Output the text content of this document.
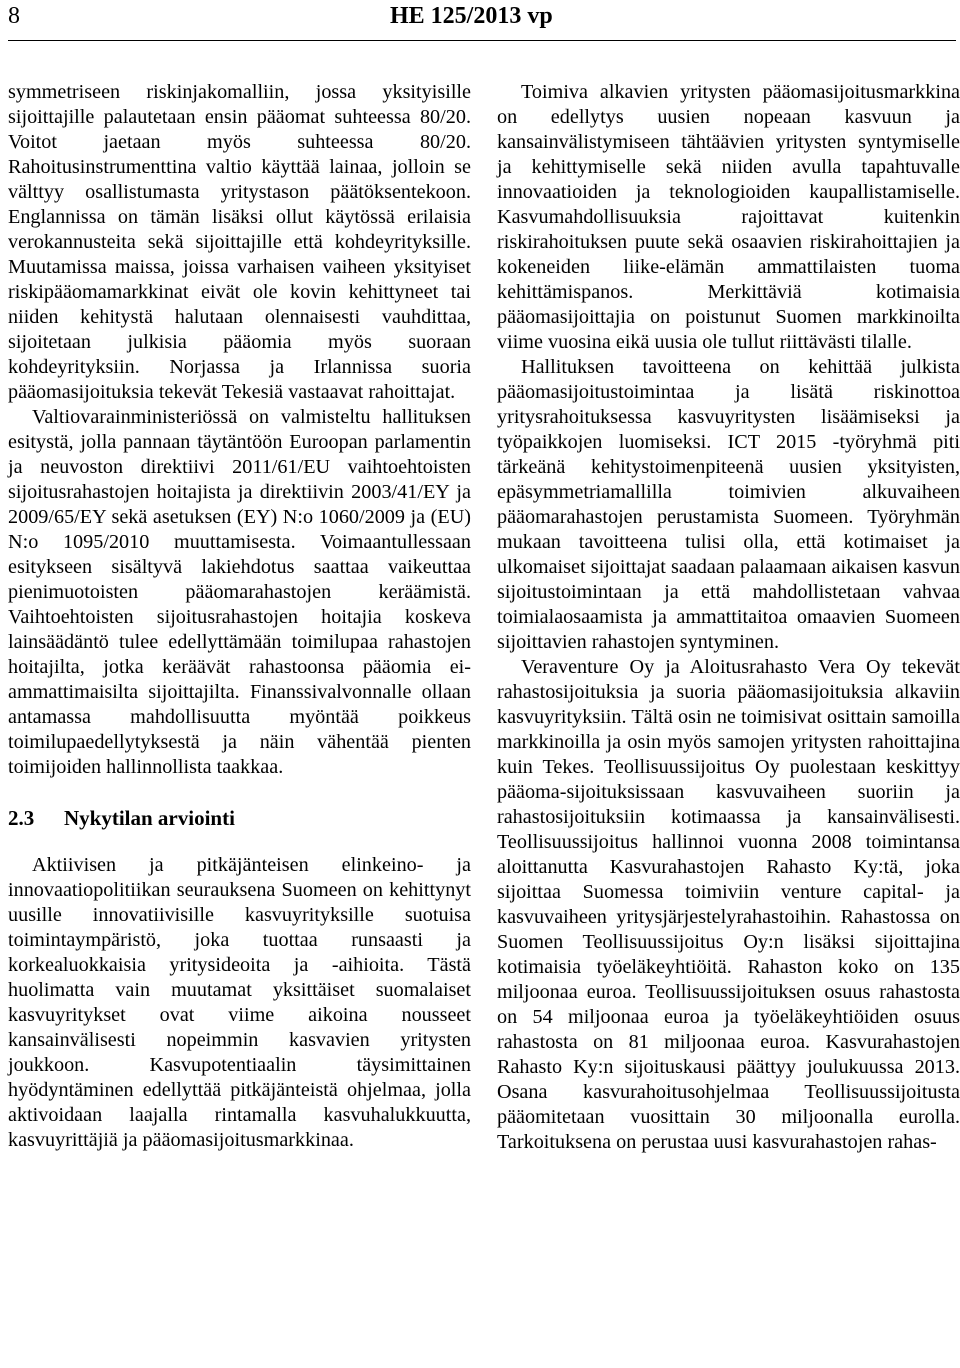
8	HE 125/2013 vp

symmetriseen riskinjakomalliin, jossa yksityisille sijoittajille palautetaan ensin pääomat suhteessa 80/20. Voitot jaetaan myös suhteessa 80/20. Rahoitusinstrumenttina valtio käyttää lainaa, jolloin se välttyy osallistumasta yritystason päätöksentekoon. Englannissa on tämän lisäksi ollut käytössä erilaisia verokannusteita sekä sijoittajille että kohdeyrityksille. Muutamissa maissa, joissa varhaisen vaiheen yksityiset riskipääomamarkkinat eivät ole kovin kehittyneet tai niiden kehitystä halutaan olennaisesti vauhdittaa, sijoitetaan julkisia pääomia myös suoraan kohdeyrityksiin. Norjassa ja Irlannissa suoria pääomasijoituksia tekevät Tekesiä vastaavat rahoittajat.

Valtiovarainministeriössä on valmisteltu hallituksen esitystä, jolla pannaan täytäntöön Euroopan parlamentin ja neuvoston direktiivi 2011/61/EU vaihtoehtoisten sijoitusrahastojen hoitajista ja direktiivin 2003/41/EY ja 2009/65/EY sekä asetuksen (EY) N:o 1060/2009 ja (EU) N:o 1095/2010 muuttamisesta. Voimaantullessaan esitykseen sisältyvä lakiehdotus saattaa vaikeuttaa pienimuotoisten pääomarahastojen keräämistä. Vaihtoehtoisten sijoitusrahastojen hoitajia koskeva lainsäädäntö tulee edellyttämään toimilupaa rahastojen hoitajilta, jotka keräävät rahastoonsa pääomia ei-ammattimaisilta sijoittajilta. Finanssivalvonnalle ollaan antamassa mahdollisuutta myöntää poikkeus toimilupaedellytyksestä ja näin vähentää pienten toimijoiden hallinnollista taakkaa.

2.3	Nykytilan arviointi

Aktiivisen ja pitkäjänteisen elinkeino- ja innovaatiopolitiikan seurauksena Suomeen on kehittynyt uusille innovatiivisille kasvuyrityksille suotuisa toimintaympäristö, joka tuottaa runsaasti ja korkealuokkaisia yritysideoita ja -aihioita. Tästä huolimatta vain muutamat yksittäiset suomalaiset kasvuyritykset ovat viime aikoina nousseet kansainvälisesti nopeimmin kasvavien yritysten joukkoon. Kasvupotentiaalin täysimittainen hyödyntäminen edellyttää pitkäjänteistä ohjelmaa, jolla aktivoidaan laajalla rintamalla kasvuhalukkuutta, kasvuyrittäjiä ja pääomasijoitusmarkkinaa.

Toimiva alkavien yritysten pääomasijoitusmarkkina on edellytys uusien nopeaan kasvuun ja kansainvälistymiseen tähtäävien yritysten syntymiselle ja kehittymiselle sekä niiden avulla tapahtuvalle innovaatioiden ja teknologioiden kaupallistamiselle. Kasvumahdollisuuksia rajoittavat kuitenkin riskirahoituksen puute sekä osaavien riskirahoittajien ja kokeneiden liike-elämän ammattilaisten tuoma kehittämispanos. Merkittäviä kotimaisia pääomasijoittajia on poistunut Suomen markkinoilta viime vuosina eikä uusia ole tullut riittävästi tilalle.

Hallituksen tavoitteena on kehittää julkista pääomasijoitustoimintaa ja lisätä riskinottoa yritysrahoituksessa kasvuyritysten lisäämiseksi ja työpaikkojen luomiseksi. ICT 2015 -työryhmä piti tärkeänä kehitystoimenpiteenä uusien yksityisten, epäsymmetriamallilla toimivien alkuvaiheen pääomarahastojen perustamista Suomeen. Työryhmän mukaan tavoitteena tulisi olla, että kotimaiset ja ulkomaiset sijoittajat saadaan palaamaan aikaisen kasvun sijoitustoimintaan ja että mahdollistetaan vahvaa toimialaosaamista ja ammattitaitoa omaavien Suomeen sijoittavien rahastojen syntyminen.

Veraventure Oy ja Aloitusrahasto Vera Oy tekevät rahastosijoituksia ja suoria pääomasijoituksia alkaviin kasvuyrityksiin. Tältä osin ne toimisivat osittain samoilla markkinoilla ja osin myös samojen yritysten rahoittajina kuin Tekes. Teollisuussijoitus Oy puolestaan keskittyy pääoma-sijoituksissaan kasvuvaiheen suoriin ja rahastosijoituksiin kotimaassa ja kansainvälisesti. Teollisuussijoitus hallinnoi vuonna 2008 toimintansa aloittanutta Kasvurahastojen Rahasto Ky:tä, joka sijoittaa Suomessa toimiviin venture capital- ja kasvuvaiheen yritysjärjestelyrahastoihin. Rahastossa on Suomen Teollisuussijoitus Oy:n lisäksi sijoittajina kotimaisia työeläkeyhtiöitä. Rahaston koko on 135 miljoonaa euroa. Teollisuussijoituksen osuus rahastosta on 54 miljoonaa euroa ja työeläkeyhtiöiden osuus rahastosta on 81 miljoonaa euroa. Kasvurahastojen Rahasto Ky:n sijoituskausi päättyy joulukuussa 2013. Osana kasvurahoitusohjelmaa Teollisuussijoitusta pääomitetaan vuosittain 30 miljoonalla eurolla. Tarkoituksena on perustaa uusi kasvurahastojen rahas-
